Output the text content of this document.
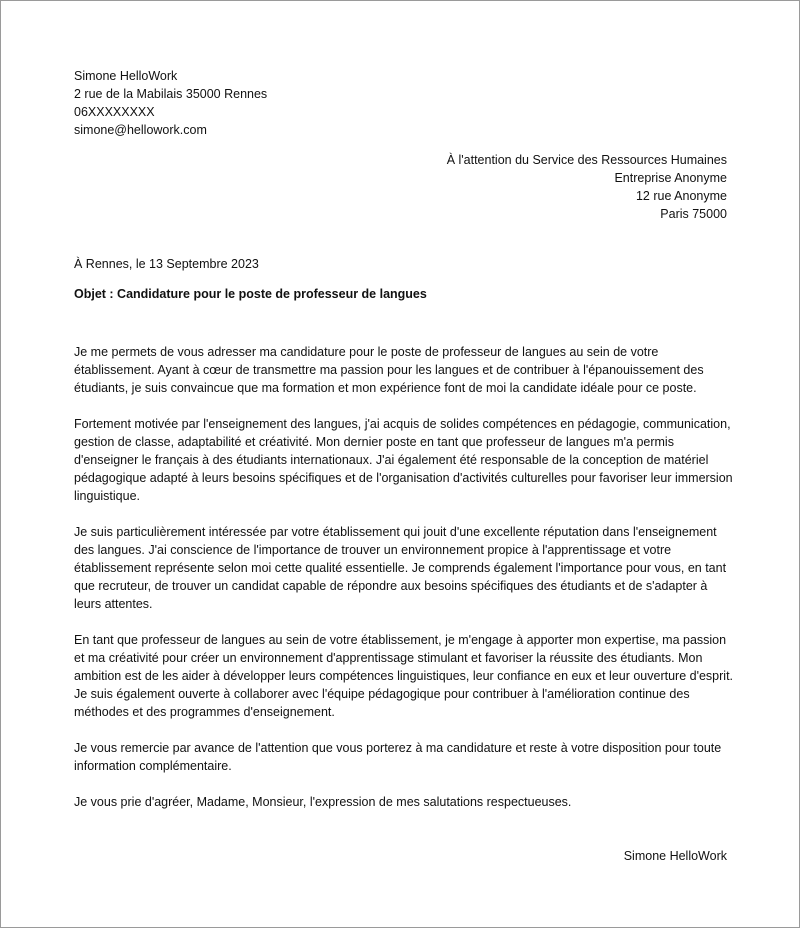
Simone HelloWork
2 rue de la Mabilais 35000 Rennes
06XXXXXXXX
simone@hellowork.com
À l'attention du Service des Ressources Humaines
Entreprise Anonyme
12 rue Anonyme
Paris 75000
À Rennes, le 13 Septembre 2023
Objet : Candidature pour le poste de professeur de langues

Je me permets de vous adresser ma candidature pour le poste de professeur de langues au sein de votre établissement. Ayant à cœur de transmettre ma passion pour les langues et de contribuer à l'épanouissement des étudiants, je suis convaincue que ma formation et mon expérience font de moi la candidate idéale pour ce poste.

Fortement motivée par l'enseignement des langues, j'ai acquis de solides compétences en pédagogie, communication, gestion de classe, adaptabilité et créativité. Mon dernier poste en tant que professeur de langues m'a permis d'enseigner le français à des étudiants internationaux. J'ai également été responsable de la conception de matériel pédagogique adapté à leurs besoins spécifiques et de l'organisation d'activités culturelles pour favoriser leur immersion linguistique.

Je suis particulièrement intéressée par votre établissement qui jouit d'une excellente réputation dans l'enseignement des langues. J'ai conscience de l'importance de trouver un environnement propice à l'apprentissage et votre établissement représente selon moi cette qualité essentielle. Je comprends également l'importance pour vous, en tant que recruteur, de trouver un candidat capable de répondre aux besoins spécifiques des étudiants et de s'adapter à leurs attentes.

En tant que professeur de langues au sein de votre établissement, je m'engage à apporter mon expertise, ma passion et ma créativité pour créer un environnement d'apprentissage stimulant et favoriser la réussite des étudiants. Mon ambition est de les aider à développer leurs compétences linguistiques, leur confiance en eux et leur ouverture d'esprit. Je suis également ouverte à collaborer avec l'équipe pédagogique pour contribuer à l'amélioration continue des méthodes et des programmes d'enseignement.

Je vous remercie par avance de l'attention que vous porterez à ma candidature et reste à votre disposition pour toute information complémentaire.

Je vous prie d'agréer, Madame, Monsieur, l'expression de mes salutations respectueuses.

Simone HelloWork
